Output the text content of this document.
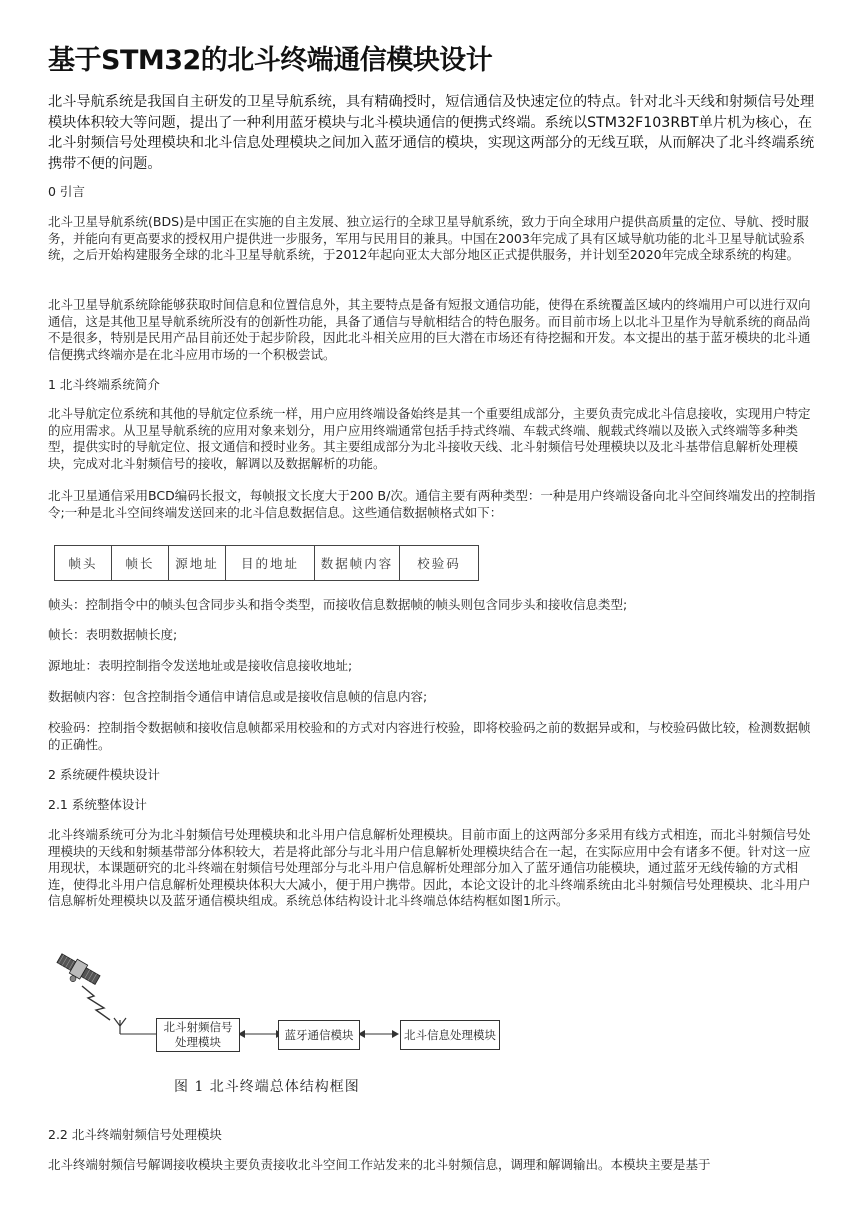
基于STM32的北斗终端通信模块设计
北斗导航系统是我国自主研发的卫星导航系统，具有精确授时，短信通信及快速定位的特点。针对北斗天线和射频信号处理模块体积较大等问题，提出了一种利用蓝牙模块与北斗模块通信的便携式终端。系统以STM32F103RBT单片机为核心，在北斗射频信号处理模块和北斗信息处理模块之间加入蓝牙通信的模块，实现这两部分的无线互联，从而解决了北斗终端系统携带不便的问题。
0 引言
北斗卫星导航系统(BDS)是中国正在实施的自主发展、独立运行的全球卫星导航系统，致力于向全球用户提供高质量的定位、导航、授时服务，并能向有更高要求的授权用户提供进一步服务，军用与民用目的兼具。中国在2003年完成了具有区域导航功能的北斗卫星导航试验系统，之后开始构建服务全球的北斗卫星导航系统，于2012年起向亚太大部分地区正式提供服务，并计划至2020年完成全球系统的构建。
北斗卫星导航系统除能够获取时间信息和位置信息外，其主要特点是备有短报文通信功能，使得在系统覆盖区域内的终端用户可以进行双向通信，这是其他卫星导航系统所没有的创新性功能，具备了通信与导航相结合的特色服务。而目前市场上以北斗卫星作为导航系统的商品尚不是很多，特别是民用产品目前还处于起步阶段，因此北斗相关应用的巨大潜在市场还有待挖掘和开发。本文提出的基于蓝牙模块的北斗通信便携式终端亦是在北斗应用市场的一个积极尝试。
1 北斗终端系统简介
北斗导航定位系统和其他的导航定位系统一样，用户应用终端设备始终是其一个重要组成部分，主要负责完成北斗信息接收，实现用户特定的应用需求。从卫星导航系统的应用对象来划分，用户应用终端通常包括手持式终端、车载式终端、舰载式终端以及嵌入式终端等多种类型，提供实时的导航定位、报文通信和授时业务。其主要组成部分为北斗接收天线、北斗射频信号处理模块以及北斗基带信息解析处理模块，完成对北斗射频信号的接收，解调以及数据解析的功能。
北斗卫星通信采用BCD编码长报文，每帧报文长度大于200 B/次。通信主要有两种类型：一种是用户终端设备向北斗空间终端发出的控制指令;一种是北斗空间终端发送回来的北斗信息数据信息。这些通信数据帧格式如下：
帧头	帧长	源地址	目的地址	数据帧内容	校验码
帧头：控制指令中的帧头包含同步头和指令类型，而接收信息数据帧的帧头则包含同步头和接收信息类型;
帧长：表明数据帧长度;
源地址：表明控制指令发送地址或是接收信息接收地址;
数据帧内容：包含控制指令通信申请信息或是接收信息帧的信息内容;
校验码：控制指令数据帧和接收信息帧都采用校验和的方式对内容进行校验，即将校验码之前的数据异或和，与校验码做比较，检测数据帧的正确性。
2 系统硬件模块设计
2.1 系统整体设计
北斗终端系统可分为北斗射频信号处理模块和北斗用户信息解析处理模块。目前市面上的这两部分多采用有线方式相连，而北斗射频信号处理模块的天线和射频基带部分体积较大，若是将此部分与北斗用户信息解析处理模块结合在一起，在实际应用中会有诸多不便。针对这一应用现状，本课题研究的北斗终端在射频信号处理部分与北斗用户信息解析处理部分加入了蓝牙通信功能模块，通过蓝牙无线传输的方式相连，使得北斗用户信息解析处理模块体积大大减小，便于用户携带。因此，本论文设计的北斗终端系统由北斗射频信号处理模块、北斗用户信息解析处理模块以及蓝牙通信模块组成。系统总体结构设计北斗终端总体结构框如图1所示。
北斗射频信号
处理模块
蓝牙通信模块	北斗信息处理模块
图 1 北斗终端总体结构框图
2.2 北斗终端射频信号处理模块
北斗终端射频信号解调接收模块主要负责接收北斗空间工作站发来的北斗射频信息，调理和解调输出。本模块主要是基于
